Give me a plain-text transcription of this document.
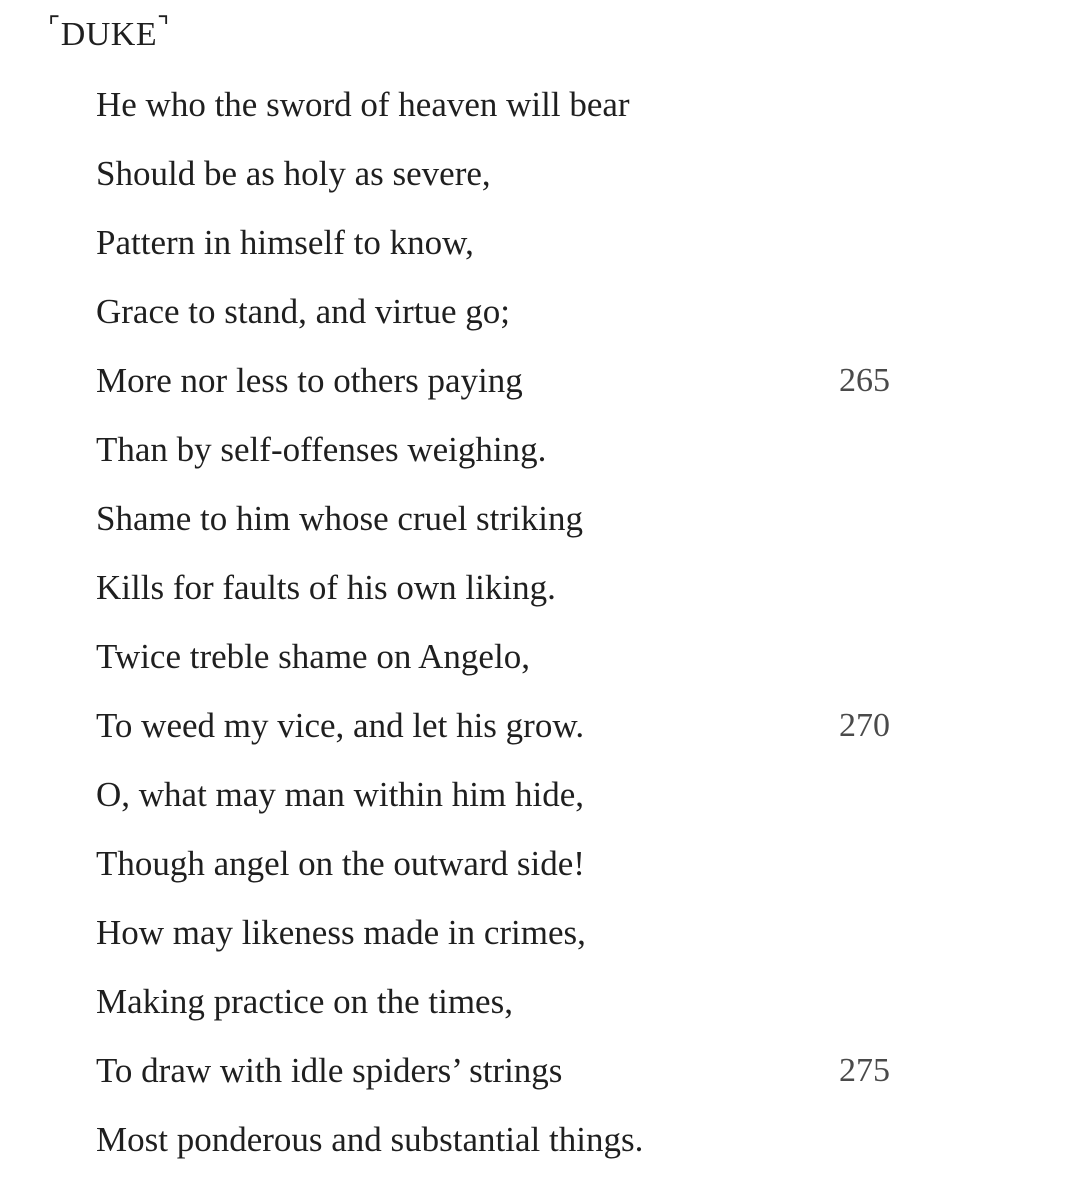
⌜DUKE⌝
He who the sword of heaven will bear
Should be as holy as severe,
Pattern in himself to know,
Grace to stand, and virtue go;
More nor less to others paying	265
Than by self-offenses weighing.
Shame to him whose cruel striking
Kills for faults of his own liking.
Twice treble shame on Angelo,
To weed my vice, and let his grow.	270
O, what may man within him hide,
Though angel on the outward side!
How may likeness made in crimes,
Making practice on the times,
To draw with idle spiders’ strings	275
Most ponderous and substantial things.
